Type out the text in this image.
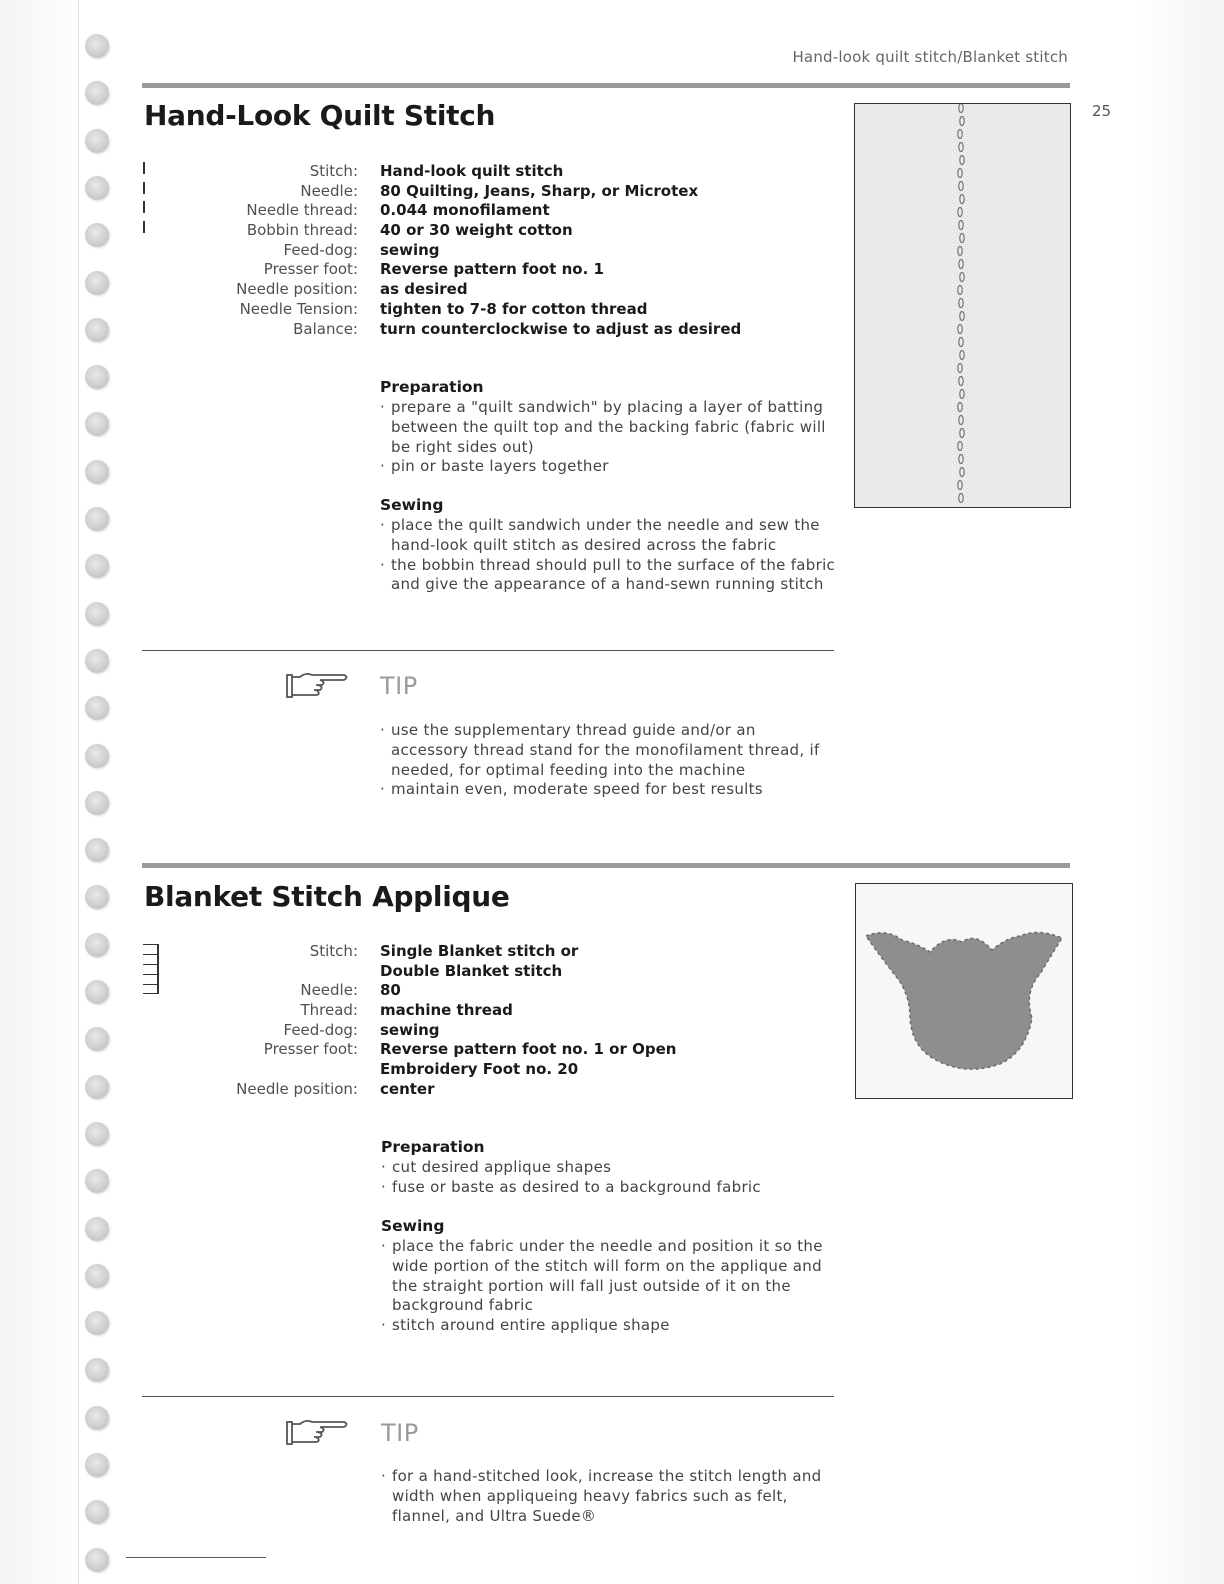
Hand-look quilt stitch/Blanket stitch
25
Hand-Look Quilt Stitch
Stitch: Hand-look quilt stitch
Needle: 80 Quilting, Jeans, Sharp, or Microtex
Needle thread: 0.044 monofilament
Bobbin thread: 40 or 30 weight cotton
Feed-dog: sewing
Presser foot: Reverse pattern foot no. 1
Needle position: as desired
Needle Tension: tighten to 7-8 for cotton thread
Balance: turn counterclockwise to adjust as desired
Preparation
· prepare a "quilt sandwich" by placing a layer of batting between the quilt top and the backing fabric (fabric will be right sides out)
· pin or baste layers together
Sewing
· place the quilt sandwich under the needle and sew the hand-look quilt stitch as desired across the fabric
· the bobbin thread should pull to the surface of the fabric and give the appearance of a hand-sewn running stitch
TIP
· use the supplementary thread guide and/or an accessory thread stand for the monofilament thread, if needed, for optimal feeding into the machine
· maintain even, moderate speed for best results
Blanket Stitch Applique
Stitch: Single Blanket stitch or
Double Blanket stitch
Needle: 80
Thread: machine thread
Feed-dog: sewing
Presser foot: Reverse pattern foot no. 1 or Open
Embroidery Foot no. 20
Needle position: center
Preparation
· cut desired applique shapes
· fuse or baste as desired to a background fabric
Sewing
· place the fabric under the needle and position it so the wide portion of the stitch will form on the applique and the straight portion will fall just outside of it on the background fabric
· stitch around entire applique shape
TIP
· for a hand-stitched look, increase the stitch length and width when appliqueing heavy fabrics such as felt, flannel, and Ultra Suede®
